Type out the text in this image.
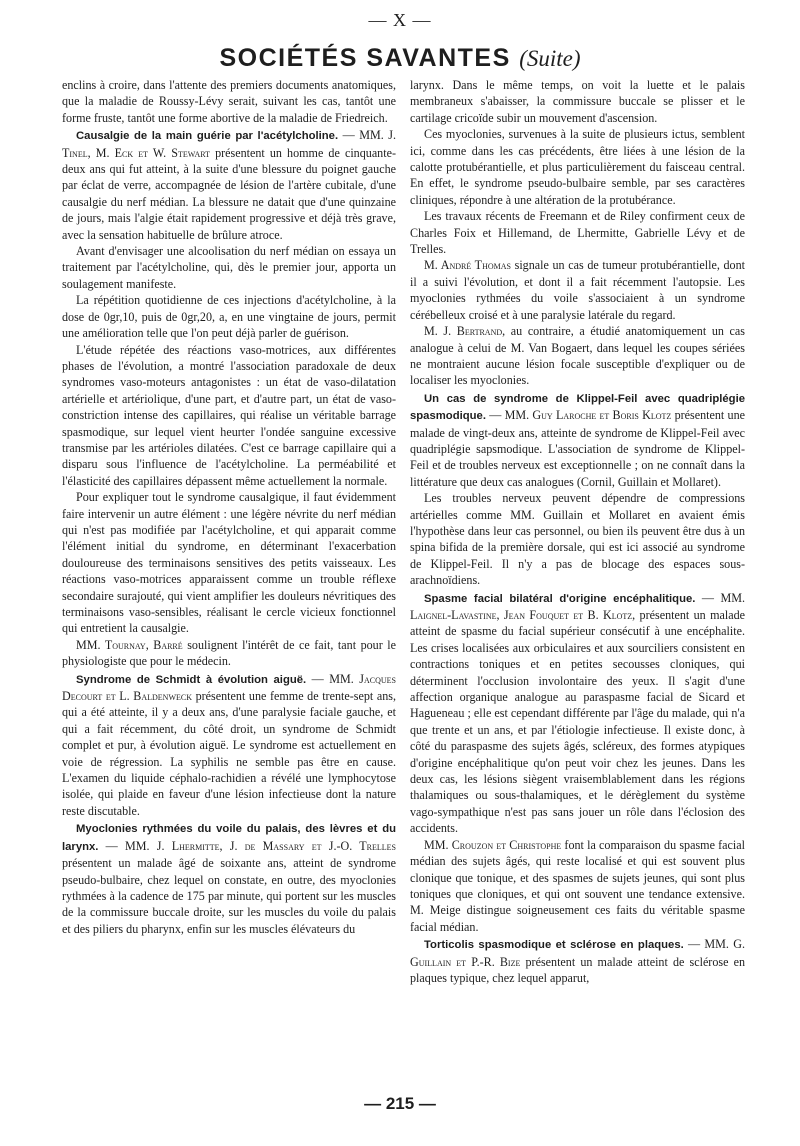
— X —
SOCIÉTÉS SAVANTES (Suite)

enclins à croire, dans l'attente des premiers documents anatomiques, que la maladie de Roussy-Lévy serait, suivant les cas, tantôt une forme fruste, tantôt une forme abortive de la maladie de Friedreich.

Causalgie de la main guérie par l'acétylcholine. — MM. J. Tinel, M. Eck et W. Stewart présentent un homme de cinquante-deux ans qui fut atteint, à la suite d'une blessure du poignet gauche par éclat de verre, accompagnée de lésion de l'artère cubitale, d'une causalgie du nerf médian. La blessure ne datait que d'une quinzaine de jours, mais l'algie était rapidement progressive et déjà très grave, avec la sensation habituelle de brûlure atroce.

Avant d'envisager une alcoolisation du nerf médian on essaya un traitement par l'acétylcholine, qui, dès le premier jour, apporta un soulagement manifeste.

La répétition quotidienne de ces injections d'acétylcholine, à la dose de 0gr,10, puis de 0gr,20, a, en une vingtaine de jours, permit une amélioration telle que l'on peut déjà parler de guérison.

L'étude répétée des réactions vaso-motrices, aux différentes phases de l'évolution, a montré l'association paradoxale de deux syndromes vaso-moteurs antagonistes : un état de vaso-dilatation artérielle et artériolique, d'une part, et d'autre part, un état de vaso-constriction intense des capillaires, qui réalise un véritable barrage spasmodique, sur lequel vient heurter l'ondée sanguine excessive transmise par les artérioles dilatées. C'est ce barrage capillaire qui a disparu sous l'influence de l'acétylcholine. La perméabilité et l'élasticité des capillaires dépassent même actuellement la normale.

Pour expliquer tout le syndrome causalgique, il faut évidemment faire intervenir un autre élément : une légère névrite du nerf médian qui n'est pas modifiée par l'acétylcholine, et qui apparait comme l'élément initial du syndrome, en déterminant l'exacerbation douloureuse des terminaisons sensitives des petits vaisseaux. Les réactions vaso-motrices apparaissent comme un trouble réflexe secondaire surajouté, qui vient amplifier les douleurs névritiques des terminaisons vaso-sensibles, réalisant le cercle vicieux fonctionnel qui entretient la causalgie.

MM. Tournay, Barré soulignent l'intérêt de ce fait, tant pour le physiologiste que pour le médecin.

Syndrome de Schmidt à évolution aiguë. — MM. Jacques Decourt et L. Baldenweck présentent une femme de trente-sept ans, qui a été atteinte, il y a deux ans, d'une paralysie faciale gauche, et qui a fait récemment, du côté droit, un syndrome de Schmidt complet et pur, à évolution aiguë. Le syndrome est actuellement en voie de régression. La syphilis ne semble pas être en cause. L'examen du liquide céphalo-rachidien a révélé une lymphocytose isolée, qui plaide en faveur d'une lésion infectieuse dont la nature reste discutable.

Myoclonies rythmées du voile du palais, des lèvres et du larynx. — MM. J. Lhermitte, J. de Massary et J.-O. Trelles présentent un malade âgé de soixante ans, atteint de syndrome pseudo-bulbaire, chez lequel on constate, en outre, des myoclonies rythmées à la cadence de 175 par minute, qui portent sur les muscles de la commissure buccale droite, sur les muscles du voile du palais et des piliers du pharynx, enfin sur les muscles élévateurs du

larynx. Dans le même temps, on voit la luette et le palais membraneux s'abaisser, la commissure buccale se plisser et le cartilage cricoïde subir un mouvement d'ascension.

Ces myoclonies, survenues à la suite de plusieurs ictus, semblent ici, comme dans les cas précédents, être liées à une lésion de la calotte protubérantielle, et plus particulièrement du faisceau central. En effet, le syndrome pseudo-bulbaire semble, par ses caractères cliniques, répondre à une altération de la protubérance.

Les travaux récents de Freemann et de Riley confirment ceux de Charles Foix et Hillemand, de Lhermitte, Gabrielle Lévy et de Trelles.

M. André Thomas signale un cas de tumeur protubérantielle, dont il a suivi l'évolution, et dont il a fait récemment l'autopsie. Les myoclonies rythmées du voile s'associaient à un syndrome cérébelleux croisé et à une paralysie latérale du regard.

M. J. Bertrand, au contraire, a étudié anatomiquement un cas analogue à celui de M. Van Bogaert, dans lequel les coupes sériées ne montraient aucune lésion focale susceptible d'expliquer ou de localiser les myoclonies.

Un cas de syndrome de Klippel-Feil avec quadriplégie spasmodique. — MM. Guy Laroche et Boris Klotz présentent une malade de vingt-deux ans, atteinte de syndrome de Klippel-Feil avec quadriplégie sapsmodique. L'association de syndrome de Klippel-Feil et de troubles nerveux est exceptionnelle ; on ne connaît dans la littérature que deux cas analogues (Cornil, Guillain et Mollaret).

Les troubles nerveux peuvent dépendre de compressions artérielles comme MM. Guillain et Mollaret en avaient émis l'hypothèse dans leur cas personnel, ou bien ils peuvent être dus à un spina bifida de la première dorsale, qui est ici associé au syndrome de Klippel-Feil. Il n'y a pas de blocage des espaces sous- arachnoïdiens.

Spasme facial bilatéral d'origine encéphalitique. — MM. Laignel-Lavastine, Jean Fouquet et B. Klotz, présentent un malade atteint de spasme du facial supérieur consécutif à une encéphalite. Les crises localisées aux orbiculaires et aux sourciliers consistent en contractions toniques et en petites secousses cloniques, qui déterminent l'occlusion involontaire des yeux. Il s'agit d'une affection organique analogue au paraspasme facial de Sicard et Hagueneau ; elle est cependant différente par l'âge du malade, qui n'a que trente et un ans, et par l'étiologie infectieuse. Il existe donc, à côté du paraspasme des sujets âgés, scléreux, des formes atypiques d'origine encéphalitique qu'on peut voir chez les jeunes. Dans les deux cas, les lésions siègent vraisemblablement dans les régions thalamiques ou sous-thalamiques, et le dérèglement du système vago-sympathique n'est pas sans jouer un rôle dans l'éclosion des accidents.

MM. Crouzon et Christophe font la comparaison du spasme facial médian des sujets âgés, qui reste localisé et qui est souvent plus clonique que tonique, et des spasmes de sujets jeunes, qui sont plus toniques que cloniques, et qui ont souvent une tendance extensive. M. Meige distingue soigneusement ces faits du véritable spasme facial médian.

Torticolis spasmodique et sclérose en plaques. — MM. G. Guillain et P.-R. Bize présentent un malade atteint de sclérose en plaques typique, chez lequel apparut,

— 215 —
